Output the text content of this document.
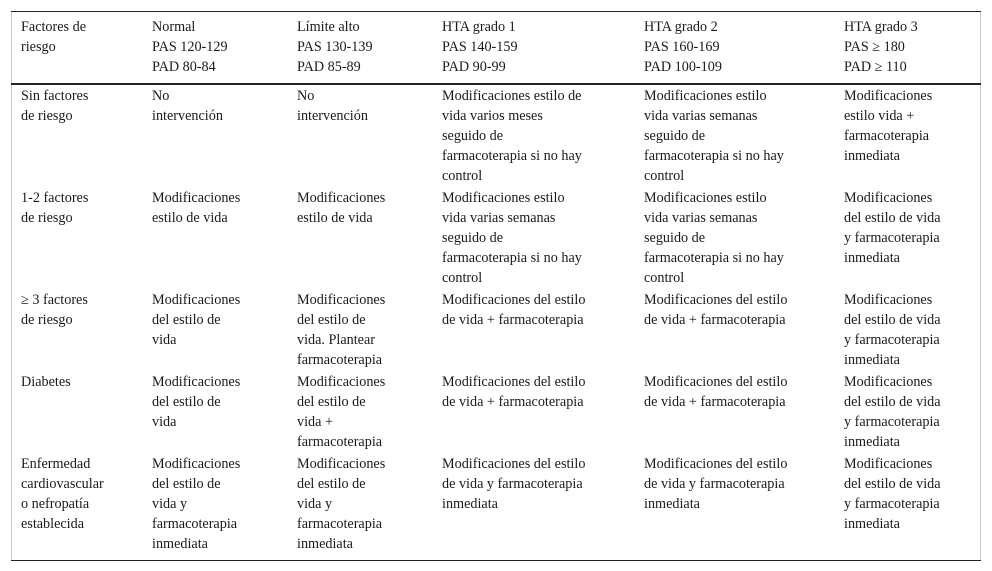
Factores de
riesgo
Normal
PAS 120-129
PAD 80-84
Límite alto
PAS 130-139
PAD 85-89
HTA grado 1
PAS 140-159
PAD 90-99
HTA grado 2
PAS 160-169
PAD 100-109
HTA grado 3
PAS ≥ 180
PAD ≥ 110
Sin factores
de riesgo
No
intervención
No
intervención
Modificaciones estilo de
vida varios meses
seguido de
farmacoterapia si no hay
control
Modificaciones estilo
vida varias semanas
seguido de
farmacoterapia si no hay
control
Modificaciones
estilo vida +
farmacoterapia
inmediata
1-2 factores
de riesgo
Modificaciones
estilo de vida
Modificaciones
estilo de vida
Modificaciones estilo
vida varias semanas
seguido de
farmacoterapia si no hay
control
Modificaciones estilo
vida varias semanas
seguido de
farmacoterapia si no hay
control
Modificaciones
del estilo de vida
y farmacoterapia
inmediata
≥ 3 factores
de riesgo
Modificaciones
del estilo de
vida
Modificaciones
del estilo de
vida. Plantear
farmacoterapia
Modificaciones del estilo
de vida + farmacoterapia
Modificaciones del estilo
de vida + farmacoterapia
Modificaciones
del estilo de vida
y farmacoterapia
inmediata
Diabetes	Modificaciones
del estilo de
vida
Modificaciones
del estilo de
vida +
farmacoterapia
Modificaciones del estilo
de vida + farmacoterapia
Modificaciones del estilo
de vida + farmacoterapia
Modificaciones
del estilo de vida
y farmacoterapia
inmediata
Enfermedad
cardiovascular
o nefropatía
establecida
Modificaciones
del estilo de
vida y
farmacoterapia
inmediata
Modificaciones
del estilo de
vida y
farmacoterapia
inmediata
Modificaciones del estilo
de vida y farmacoterapia
inmediata
Modificaciones del estilo
de vida y farmacoterapia
inmediata
Modificaciones
del estilo de vida
y farmacoterapia
inmediata
